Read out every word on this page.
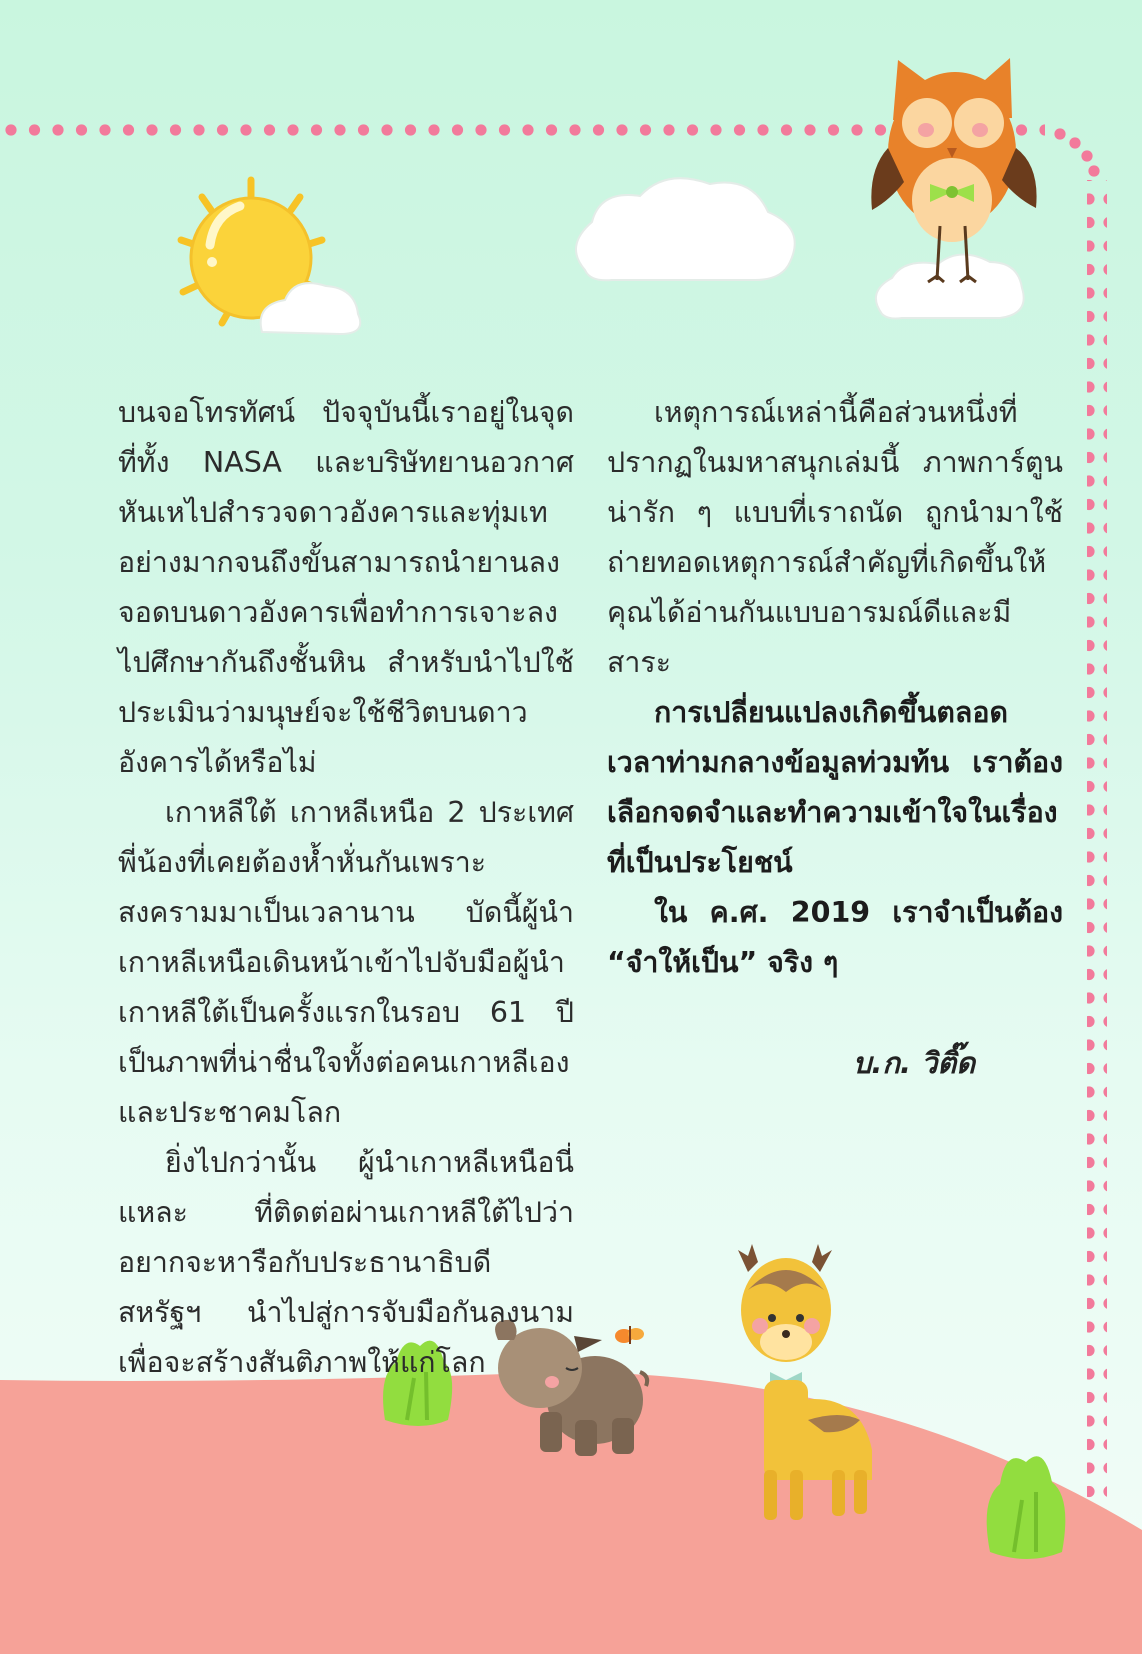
บนจอโทรทัศน์ ปัจจุบันนี้เราอยู่ในจุดที่ทั้ง NASA และบริษัทยานอวกาศหันเหไปสำรวจดาวอังคารและทุ่มเทอย่างมากจนถึงขั้นสามารถนำยานลงจอดบนดาวอังคารเพื่อทำการเจาะลงไปศึกษากันถึงชั้นหิน สำหรับนำไปใช้ประเมินว่ามนุษย์จะใช้ชีวิตบนดาวอังคารได้หรือไม่

เกาหลีใต้ เกาหลีเหนือ 2 ประเทศพี่น้องที่เคยต้องห้ำหั่นกันเพราะสงครามมาเป็นเวลานาน บัดนี้ผู้นำเกาหลีเหนือเดินหน้าเข้าไปจับมือผู้นำเกาหลีใต้เป็นครั้งแรกในรอบ 61 ปี เป็นภาพที่น่าชื่นใจทั้งต่อคนเกาหลีเองและประชาคมโลก

ยิ่งไปกว่านั้น ผู้นำเกาหลีเหนือนี่แหละ ที่ติดต่อผ่านเกาหลีใต้ไปว่าอยากจะหารือกับประธานาธิบดีสหรัฐฯ นำไปสู่การจับมือกันลงนามเพื่อจะสร้างสันติภาพให้แก่โลก

เหตุการณ์เหล่านี้คือส่วนหนึ่งที่ปรากฏในมหาสนุกเล่มนี้ ภาพการ์ตูนน่ารัก ๆ แบบที่เราถนัด ถูกนำมาใช้ถ่ายทอดเหตุการณ์สำคัญที่เกิดขึ้นให้คุณได้อ่านกันแบบอารมณ์ดีและมีสาระ

การเปลี่ยนแปลงเกิดขึ้นตลอดเวลาท่ามกลางข้อมูลท่วมท้น เราต้องเลือกจดจำและทำความเข้าใจในเรื่องที่เป็นประโยชน์

ใน ค.ศ. 2019 เราจำเป็นต้อง “จำให้เป็น” จริง ๆ

บ.ก. วิติ๊ด
